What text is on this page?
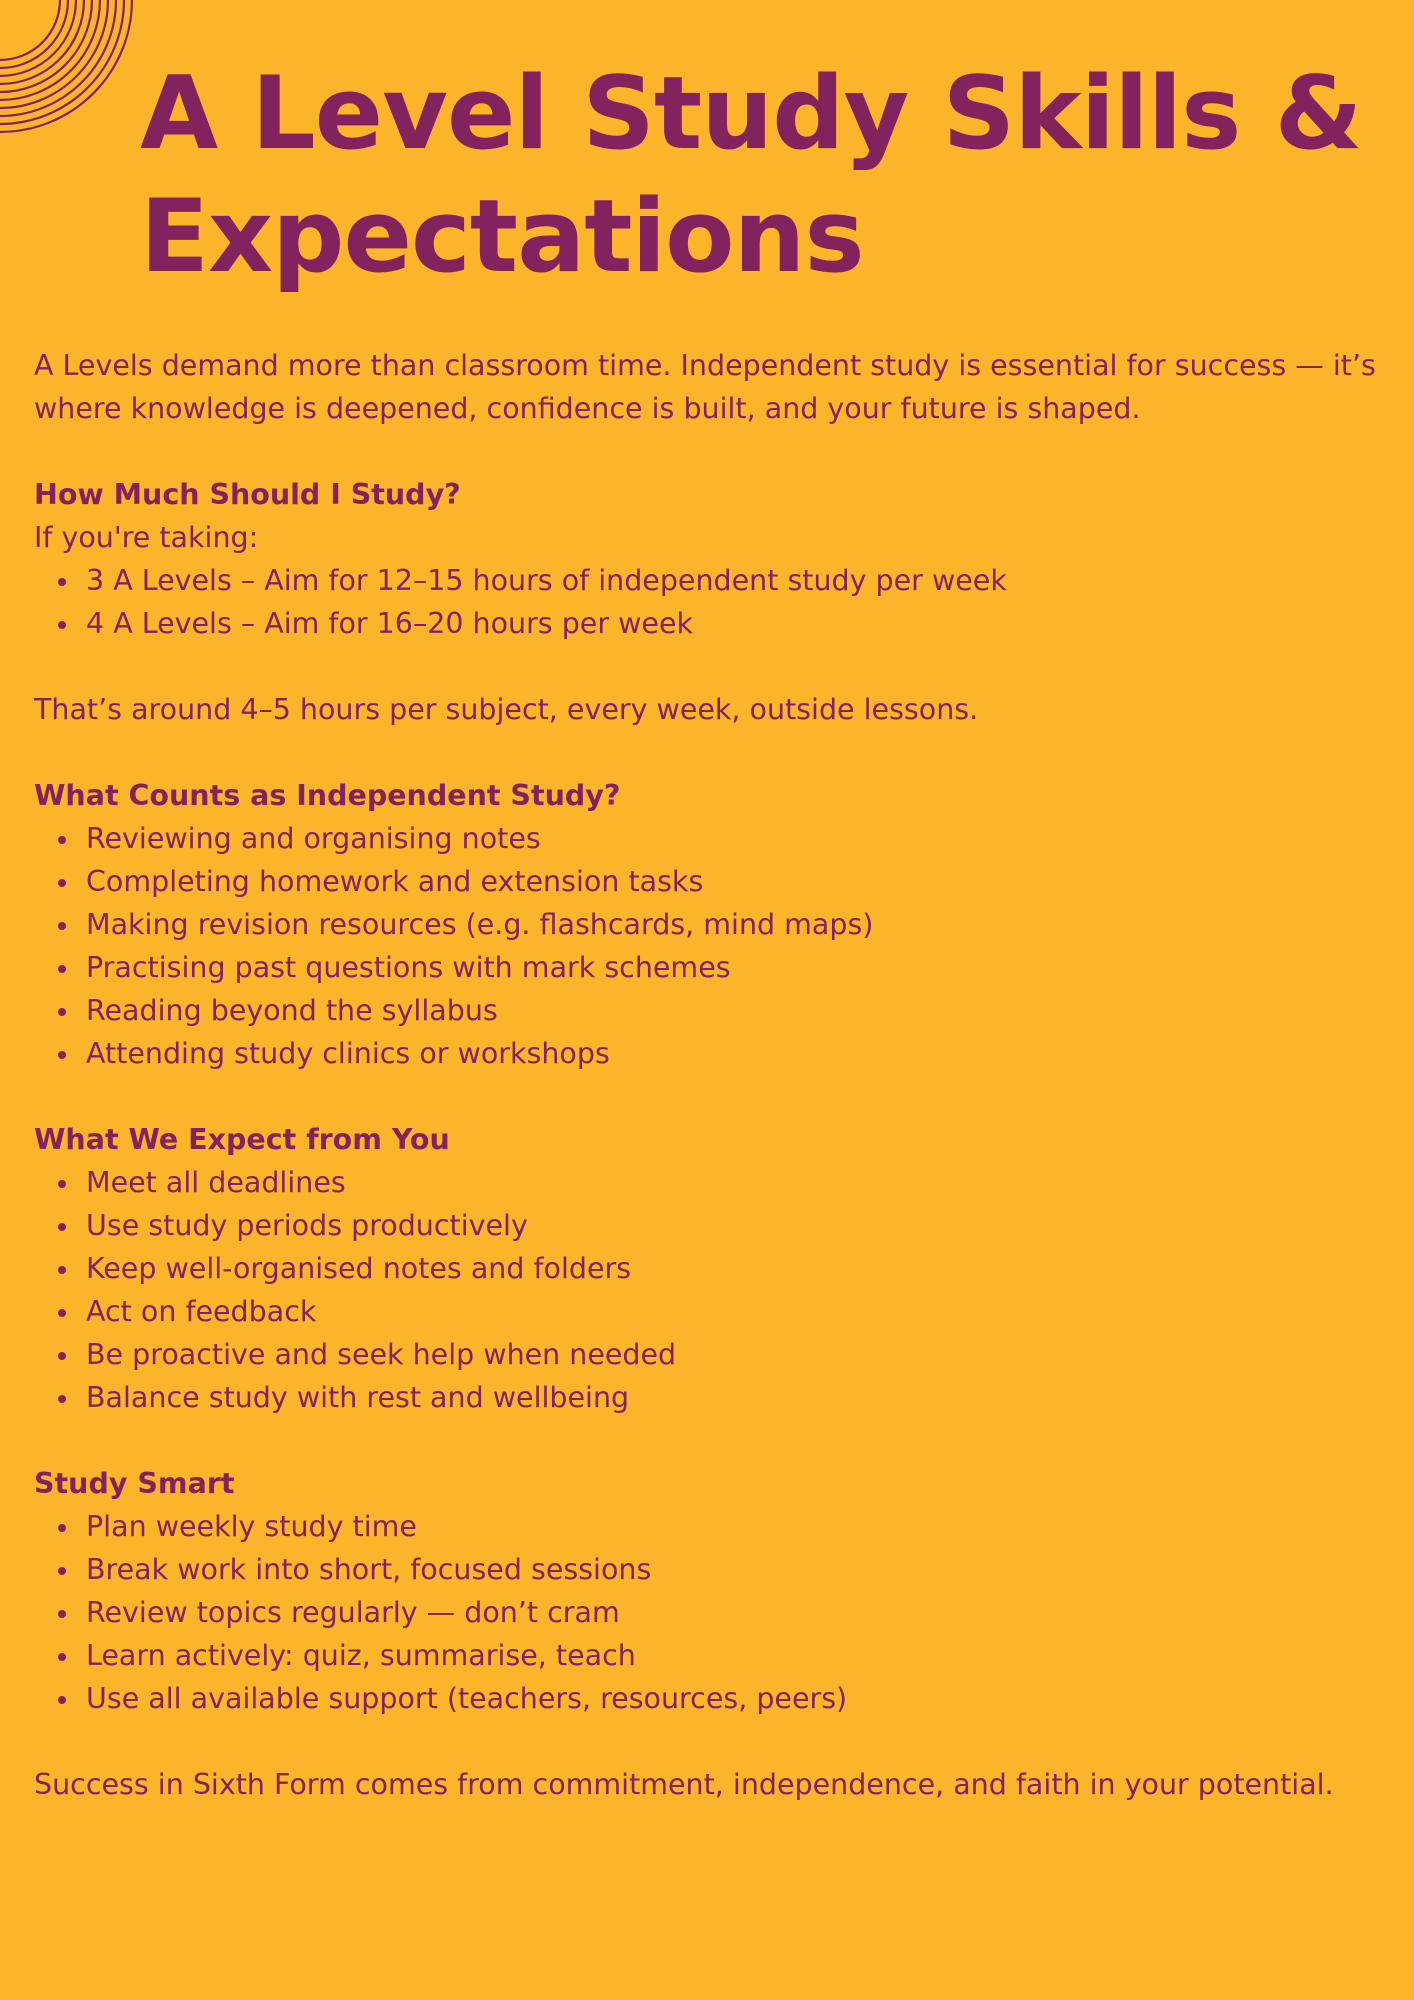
A Level Study Skills & Expectations

A Levels demand more than classroom time. Independent study is essential for success — it’s where knowledge is deepened, confidence is built, and your future is shaped.

How Much Should I Study?

If you're taking:

3 A Levels – Aim for 12–15 hours of independent study per week
4 A Levels – Aim for 16–20 hours per week

That’s around 4–5 hours per subject, every week, outside lessons.

What Counts as Independent Study?

Reviewing and organising notes
Completing homework and extension tasks
Making revision resources (e.g. flashcards, mind maps)
Practising past questions with mark schemes
Reading beyond the syllabus
Attending study clinics or workshops

What We Expect from You

Meet all deadlines
Use study periods productively
Keep well-organised notes and folders
Act on feedback
Be proactive and seek help when needed
Balance study with rest and wellbeing

Study Smart

Plan weekly study time
Break work into short, focused sessions
Review topics regularly — don’t cram
Learn actively: quiz, summarise, teach
Use all available support (teachers, resources, peers)

Success in Sixth Form comes from commitment, independence, and faith in your potential.
